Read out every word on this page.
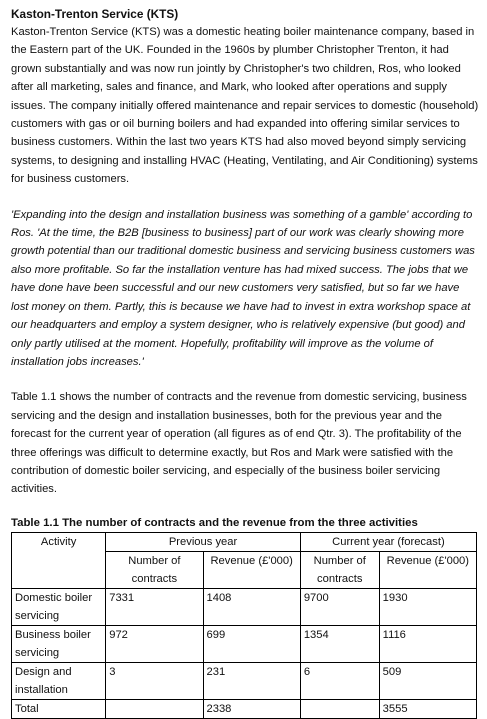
Kaston-Trenton Service (KTS)

Kaston-Trenton Service (KTS) was a domestic heating boiler maintenance company, based in the Eastern part of the UK. Founded in the 1960s by plumber Christopher Trenton, it had grown substantially and was now run jointly by Christopher's two children, Ros, who looked after all marketing, sales and finance, and Mark, who looked after operations and supply issues. The company initially offered maintenance and repair services to domestic (household) customers with gas or oil burning boilers and had expanded into offering similar services to business customers. Within the last two years KTS had also moved beyond simply servicing systems, to designing and installing HVAC (Heating, Ventilating, and Air Conditioning) systems for business customers.

'Expanding into the design and installation business was something of a gamble' according to Ros. 'At the time, the B2B [business to business] part of our work was clearly showing more growth potential than our traditional domestic business and servicing business customers was also more profitable. So far the installation venture has had mixed success. The jobs that we have done have been successful and our new customers very satisfied, but so far we have lost money on them. Partly, this is because we have had to invest in extra workshop space at our headquarters and employ a system designer, who is relatively expensive (but good) and only partly utilised at the moment. Hopefully, profitability will improve as the volume of installation jobs increases.'

Table 1.1 shows the number of contracts and the revenue from domestic servicing, business servicing and the design and installation businesses, both for the previous year and the forecast for the current year of operation (all figures as of end Qtr. 3). The profitability of the three offerings was difficult to determine exactly, but Ros and Mark were satisfied with the contribution of domestic boiler servicing, and especially of the business boiler servicing activities.

Table 1.1 The number of contracts and the revenue from the three activities
Activity	Previous year		Current year (forecast)	
	Number of contracts	Revenue (£'000)	Number of contracts	Revenue (£'000)
Domestic boiler servicing	7331	1408	9700	1930
Business boiler servicing	972	699	1354	1116
Design and installation	3	231	6	509
Total		2338		3555
